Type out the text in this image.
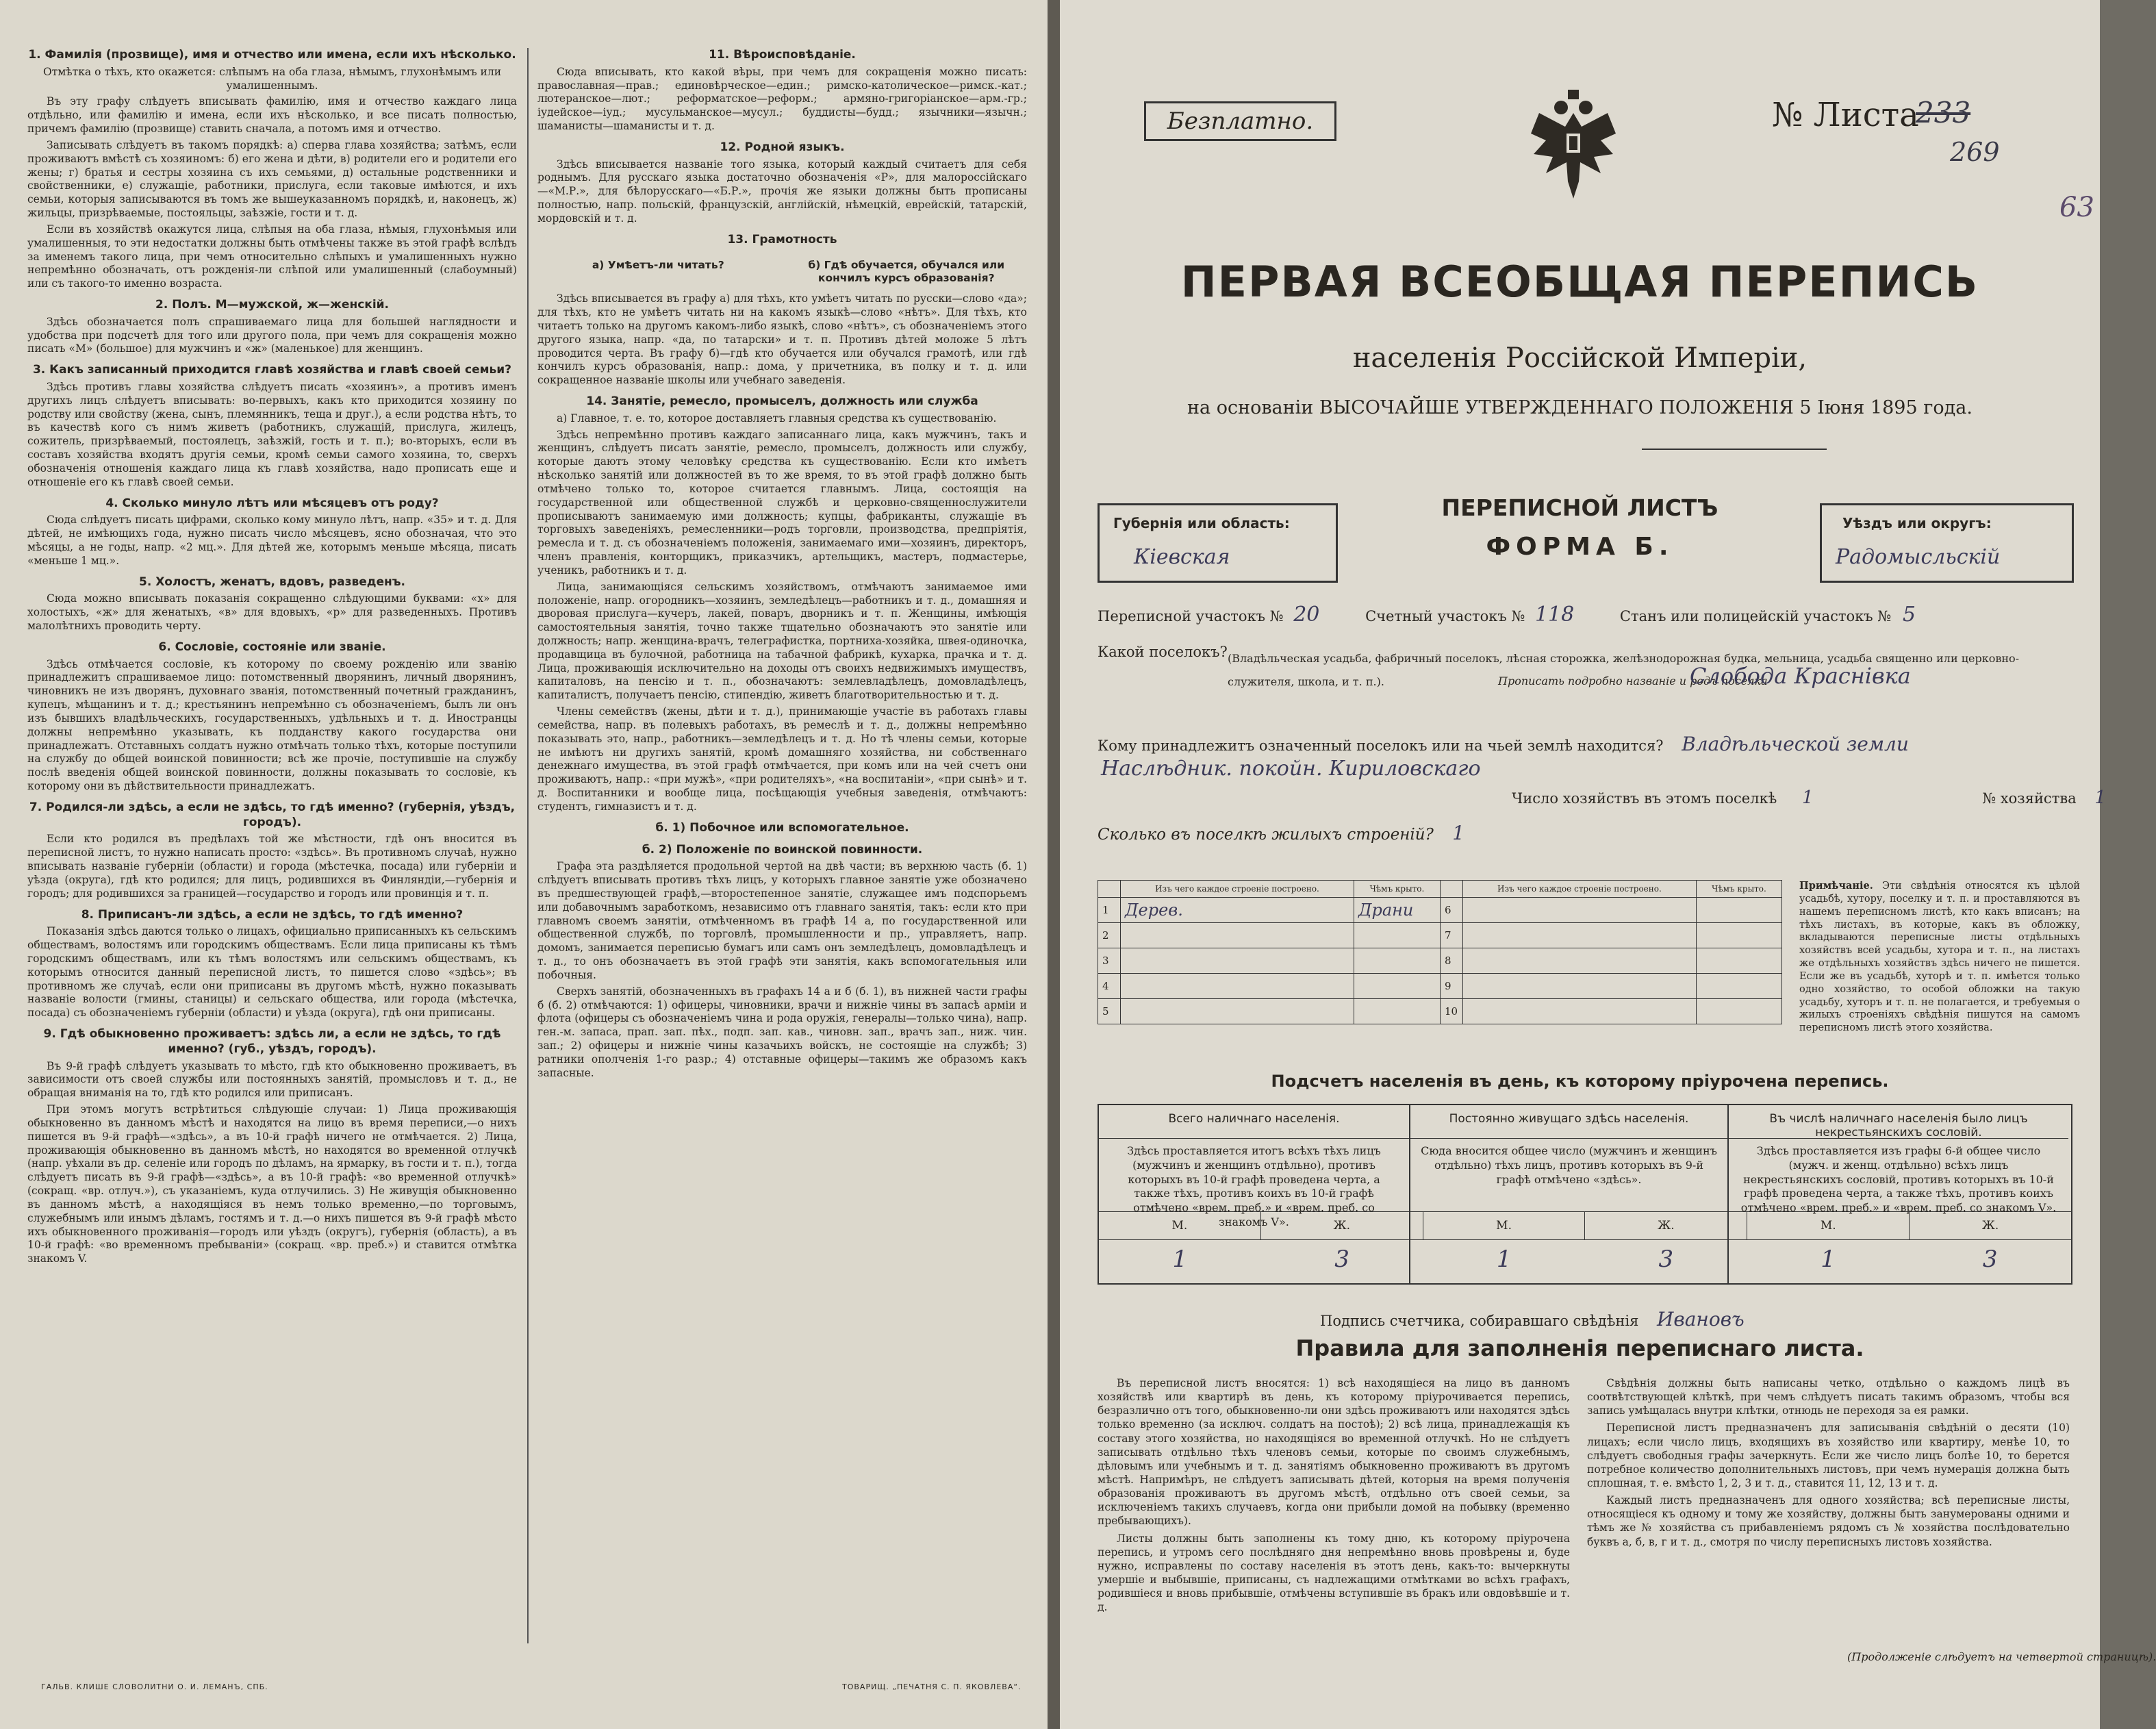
1. Фамилія (прозвище), имя и отчество или имена, если ихъ нѣсколько.
Отмѣтка о тѣхъ, кто окажется: слѣпымъ на оба глаза, нѣмымъ, глухонѣмымъ или умалишеннымъ.

Въ эту графу слѣдуетъ вписывать фамилію, имя и отчество каждаго лица отдѣльно, или фамилію и имена, если ихъ нѣсколько, и все писать полностью, причемъ фамилію (прозвище) ставить сначала, а потомъ имя и отчество.

Записывать слѣдуетъ въ такомъ порядкѣ: а) сперва глава хозяйства; затѣмъ, если проживаютъ вмѣстѣ съ хозяиномъ: б) его жена и дѣти, в) родители его и родители его жены; г) братья и сестры хозяина съ ихъ семьями, д) остальные родственники и свойственники, е) служащіе, работники, прислуга, если таковые имѣются, и ихъ семьи, которыя записываются въ томъ же вышеуказанномъ порядкѣ, и, наконецъ, ж) жильцы, призрѣваемые, постояльцы, заѣзжіе, гости и т. д.

Если въ хозяйствѣ окажутся лица, слѣпыя на оба глаза, нѣмыя, глухонѣмыя или умалишенныя, то эти недостатки должны быть отмѣчены также въ этой графѣ вслѣдъ за именемъ такого лица, при чемъ относительно слѣпыхъ и умалишенныхъ нужно непремѣнно обозначать, отъ рожденія-ли слѣпой или умалишенный (слабоумный) или съ такого-то именно возраста.

2. Полъ. М—мужской, ж—женскій.

Здѣсь обозначается полъ спрашиваемаго лица для большей наглядности и удобства при подсчетѣ для того или другого пола, при чемъ для сокращенія можно писать «М» (большое) для мужчинъ и «ж» (маленькое) для женщинъ.

3. Какъ записанный приходится главѣ хозяйства и главѣ своей семьи?

Здѣсь противъ главы хозяйства слѣдуетъ писать «хозяинъ», а противъ именъ другихъ лицъ слѣдуетъ вписывать: во-первыхъ, какъ кто приходится хозяину по родству или свойству (жена, сынъ, племянникъ, теща и друг.), а если родства нѣтъ, то въ качествѣ кого съ нимъ живетъ (работникъ, служащій, прислуга, жилецъ, сожитель, призрѣваемый, постоялецъ, заѣзжій, гость и т. п.); во-вторыхъ, если въ составъ хозяйства входятъ другія семьи, кромѣ семьи самого хозяина, то, сверхъ обозначенія отношенія каждаго лица къ главѣ хозяйства, надо прописать еще и отношеніе его къ главѣ своей семьи.

4. Сколько минуло лѣтъ или мѣсяцевъ отъ роду?

Сюда слѣдуетъ писать цифрами, сколько кому минуло лѣтъ, напр. «35» и т. д. Для дѣтей, не имѣющихъ года, нужно писать число мѣсяцевъ, ясно обозначая, что это мѣсяцы, а не годы, напр. «2 мц.». Для дѣтей же, которымъ меньше мѣсяца, писать «меньше 1 мц.».

5. Холостъ, женатъ, вдовъ, разведенъ.

Сюда можно вписывать показанія сокращенно слѣдующими буквами: «х» для холостыхъ, «ж» для женатыхъ, «в» для вдовыхъ, «р» для разведенныхъ. Противъ малолѣтнихъ проводить черту.

6. Сословіе, состояніе или званіе.

Здѣсь отмѣчается сословіе, къ которому по своему рожденію или званію принадлежитъ спрашиваемое лицо: потомственный дворянинъ, личный дворянинъ, чиновникъ не изъ дворянъ, духовнаго званія, потомственный почетный гражданинъ, купецъ, мѣщанинъ и т. д.; крестьянинъ непремѣнно съ обозначеніемъ, былъ ли онъ изъ бывшихъ владѣльческихъ, государственныхъ, удѣльныхъ и т. д. Иностранцы должны непремѣнно указывать, къ подданству какого государства они принадлежатъ. Отставныхъ солдатъ нужно отмѣчать только тѣхъ, которые поступили на службу до общей воинской повинности; всѣ же прочіе, поступившіе на службу послѣ введенія общей воинской повинности, должны показывать то сословіе, къ которому они въ дѣйствительности принадлежатъ.

7. Родился-ли здѣсь, а если не здѣсь, то гдѣ именно? (губернія, уѣздъ, городъ).

Если кто родился въ предѣлахъ той же мѣстности, гдѣ онъ вносится въ переписной листъ, то нужно написать просто: «здѣсь». Въ противномъ случаѣ, нужно вписывать названіе губерніи (области) и города (мѣстечка, посада) или губерніи и уѣзда (округа), гдѣ кто родился; для лицъ, родившихся въ Финляндіи,—губернія и городъ; для родившихся за границей—государство и городъ или провинція и т. п.

8. Приписанъ-ли здѣсь, а если не здѣсь, то гдѣ именно?

Показанія здѣсь даются только о лицахъ, официально приписанныхъ къ сельскимъ обществамъ, волостямъ или городскимъ обществамъ. Если лица приписаны къ тѣмъ городскимъ обществамъ, или къ тѣмъ волостямъ или сельскимъ обществамъ, къ которымъ относится данный переписной листъ, то пишется слово «здѣсь»; въ противномъ же случаѣ, если они приписаны въ другомъ мѣстѣ, нужно показывать названіе волости (гмины, станицы) и сельскаго общества, или города (мѣстечка, посада) съ обозначеніемъ губерніи (области) и уѣзда (округа), гдѣ они приписаны.

9. Гдѣ обыкновенно проживаетъ: здѣсь ли, а если не здѣсь, то гдѣ именно? (губ., уѣздъ, городъ).

Въ 9-й графѣ слѣдуетъ указывать то мѣсто, гдѣ кто обыкновенно проживаетъ, въ зависимости отъ своей службы или постоянныхъ занятій, промысловъ и т. д., не обращая вниманія на то, гдѣ кто родился или приписанъ.

При этомъ могутъ встрѣтиться слѣдующіе случаи: 1) Лица проживающія обыкновенно въ данномъ мѣстѣ и находятся на лицо въ время переписи,—о нихъ пишется въ 9-й графѣ—«здѣсь», а въ 10-й графѣ ничего не отмѣчается. 2) Лица, проживающія обыкновенно въ данномъ мѣстѣ, но находятся во временной отлучкѣ (напр. уѣхали въ др. селеніе или городъ по дѣламъ, на ярмарку, въ гости и т. п.), тогда слѣдуетъ писать въ 9-й графѣ—«здѣсь», а въ 10-й графѣ: «во временной отлучкѣ» (сокращ. «вр. отлуч.»), съ указаніемъ, куда отлучились. 3) Не живущія обыкновенно въ данномъ мѣстѣ, а находящіяся въ немъ только временно,—по торговымъ, служебнымъ или инымъ дѣламъ, гостямъ и т. д.—о нихъ пишется въ 9-й графѣ мѣсто ихъ обыкновенного проживанія—городъ или уѣздъ (округъ), губернія (область), а въ 10-й графѣ: «во временномъ пребываніи» (сокращ. «вр. преб.») и ставится отмѣтка знакомъ V.

11. Вѣроисповѣданіе.

Сюда вписывать, кто какой вѣры, при чемъ для сокращенія можно писать: православная—прав.; единовѣрческое—един.; римско-католическое—римск.-кат.; лютеранское—лют.; реформатское—реформ.; армяно-григоріанское—арм.-гр.; іудейское—іуд.; мусульманское—мусул.; буддисты—будд.; язычники—язычн.; шаманисты—шаманисты и т. д.

12. Родной языкъ.

Здѣсь вписывается названіе того языка, который каждый считаетъ для себя роднымъ. Для русскаго языка достаточно обозначенія «Р», для малороссійскаго—«М.Р.», для бѣлорусскаго—«Б.Р.», прочія же языки должны быть прописаны полностью, напр. польскій, французскій, англійскій, нѣмецкій, еврейскій, татарскій, мордовскій и т. д.

13. Грамотность
а) Умѣетъ-ли читать?	б) Гдѣ обучается, обучался или кончилъ курсъ образованія?

Здѣсь вписывается въ графу а) для тѣхъ, кто умѣетъ читать по русски—слово «да»; для тѣхъ, кто не умѣетъ читать ни на какомъ языкѣ—слово «нѣтъ». Для тѣхъ, кто читаетъ только на другомъ какомъ-либо языкѣ, слово «нѣтъ», съ обозначеніемъ этого другого языка, напр. «да, по татарски» и т. п. Противъ дѣтей моложе 5 лѣтъ проводится черта. Въ графу б)—гдѣ кто обучается или обучался грамотѣ, или гдѣ кончилъ курсъ образованія, напр.: дома, у причетника, въ полку и т. д. или сокращенное названіе школы или учебнаго заведенія.

14. Занятіе, ремесло, промыселъ, должность или служба

а) Главное, т. е. то, которое доставляетъ главныя средства къ существованію.

Здѣсь непремѣнно противъ каждаго записаннаго лица, какъ мужчинъ, такъ и женщинъ, слѣдуетъ писать занятіе, ремесло, промыселъ, должность или службу, которые даютъ этому человѣку средства къ существованію. Если кто имѣетъ нѣсколько занятій или должностей въ то же время, то въ этой графѣ должно быть отмѣчено только то, которое считается главнымъ. Лица, состоящія на государственной или общественной службѣ и церковно-священнослужители прописываютъ занимаемую ими должность; купцы, фабриканты, служащіе въ торговыхъ заведеніяхъ, ремесленники—родъ торговли, производства, предпріятія, ремесла и т. д. съ обозначеніемъ положенія, занимаемаго ими—хозяинъ, директоръ, членъ правленія, конторщикъ, приказчикъ, артельщикъ, мастеръ, подмастерье, ученикъ, работникъ и т. д.

Лица, занимающіяся сельскимъ хозяйствомъ, отмѣчаютъ занимаемое ими положеніе, напр. огородникъ—хозяинъ, земледѣлецъ—работникъ и т. д., домашняя и дворовая прислуга—кучеръ, лакей, поваръ, дворникъ и т. п. Женщины, имѣющія самостоятельныя занятія, точно также тщательно обозначаютъ это занятіе или должность; напр. женщина-врачъ, телеграфистка, портниха-хозяйка, швея-одиночка, продавщица въ булочной, работница на табачной фабрикѣ, кухарка, прачка и т. д. Лица, проживающія исключительно на доходы отъ своихъ недвижимыхъ имуществъ, капиталовъ, на пенсію и т. п., обозначаютъ: землевладѣлецъ, домовладѣлецъ, капиталистъ, получаетъ пенсію, стипендію, живетъ благотворительностью и т. д.

Члены семействъ (жены, дѣти и т. д.), принимающіе участіе въ работахъ главы семейства, напр. въ полевыхъ работахъ, въ ремеслѣ и т. д., должны непремѣнно показывать это, напр., работникъ—земледѣлецъ и т. д. Но тѣ члены семьи, которые не имѣютъ ни другихъ занятій, кромѣ домашняго хозяйства, ни собственнаго денежнаго имущества, въ этой графѣ отмѣчается, при комъ или на чей счетъ они проживаютъ, напр.: «при мужѣ», «при родителяхъ», «на воспитаніи», «при сынѣ» и т. д. Воспитанники и вообще лица, посѣщающія учебныя заведенія, отмѣчаютъ: студентъ, гимназистъ и т. д.

б. 1) Побочное или вспомогательное.
б. 2) Положеніе по воинской повинности.

Графа эта раздѣляется продольной чертой на двѣ части; въ верхнюю часть (б. 1) слѣдуетъ вписывать противъ тѣхъ лицъ, у которыхъ главное занятіе уже обозначено въ предшествующей графѣ,—второстепенное занятіе, служащее имъ подспорьемъ или добавочнымъ заработкомъ, независимо отъ главнаго занятія, такъ: если кто при главномъ своемъ занятіи, отмѣченномъ въ графѣ 14 а, по государственной или общественной службѣ, по торговлѣ, промышленности и пр., управляетъ, напр. домомъ, занимается переписью бумагъ или самъ онъ земледѣлецъ, домовладѣлецъ и т. д., то онъ обозначаетъ въ этой графѣ эти занятія, какъ вспомогательныя или побочныя.

Сверхъ занятій, обозначенныхъ въ графахъ 14 а и б (б. 1), въ нижней части графы б (б. 2) отмѣчаются: 1) офицеры, чиновники, врачи и нижніе чины въ запасѣ армiи и флота (офицеры съ обозначеніемъ чина и рода оружія, генералы—только чина), напр. ген.-м. запаса, прап. зап. пѣх., подп. зап. кав., чиновн. зап., врачъ зап., ниж. чин. зап.; 2) офицеры и нижніе чины казачьихъ войскъ, не состоящіе на службѣ; 3) ратники ополченія 1-го разр.; 4) отставные офицеры—такимъ же образомъ какъ запасные.

ГАЛЬВ. КЛИШЕ СЛОВОЛИТНИ О. И. ЛЕМАНЪ, СПБ.	ТОВАРИЩ. „ПЕЧАТНЯ С. П. ЯКОВЛЕВА“.
Безплатно.	№ Листа
233
269
63
ПЕРВАЯ ВСЕОБЩАЯ ПЕРЕПИСЬ
населенія Россійской Имперіи,
на основаніи ВЫСОЧАЙШЕ УТВЕРЖДЕННАГО ПОЛОЖЕНІЯ 5 Іюня 1895 года.
Губернія или область:
Кіевская
ПЕРЕПИСНОЙ ЛИСТЪ
ФОРМА Б.
Уѣздъ или округъ:
Радомысльскій
Переписной участокъ № 20	Счетный участокъ № 118	Станъ или полицейскій участокъ № 5
Какой поселокъ? (Владѣльческая усадьба, фабричный поселокъ, лѣсная сторожка, желѣзнодорожная будка, мельница, усадьба священно или церковно-служителя, школа, и т. п.).	Прописать подробно названіе и родъ поселка
Слобода Краснівка
Кому принадлежитъ означенный поселокъ или на чьей землѣ находится? Владѣльческой земли
Наслѣдник. покойн. Кириловскаго
Число хозяйствъ въ этомъ поселкѣ 1	№ хозяйства 1
Сколько въ поселкѣ жилыхъ строеній? 1
	Изъ чего каждое строеніе построено.	Чѣмъ крыто.		Изъ чего каждое строеніе построено.	Чѣмъ крыто.
1	Дерев.	Драни	6		
2			7		
3			8		
4			9		
5			10		
Примѣчаніе. Эти свѣдѣнія относятся къ цѣлой усадьбѣ, хутору, поселку и т. п. и проставляются въ нашемъ переписномъ листѣ, кто какъ вписанъ; на тѣхъ листахъ, въ которые, какъ въ обложку, вкладываются переписные листы отдѣльныхъ хозяйствъ всей усадьбы, хутора и т. п., на листахъ же отдѣльныхъ хозяйствъ здѣсь ничего не пишется. Если же въ усадьбѣ, хуторѣ и т. п. имѣется только одно хозяйство, то особой обложки на такую усадьбу, хуторъ и т. п. не полагается, и требуемыя о жилыхъ строеніяхъ свѣдѣнія пишутся на самомъ переписномъ листѣ этого хозяйства.
Подсчетъ населенія въ день, къ которому пріурочена перепись.
Въ числѣ наличнаго населенія было лицъ некрестьянскихъ сословій.
Здѣсь проставляется изъ графы 6-й общее число (мужч. и женщ. отдѣльно) всѣхъ лицъ некрестьянскихъ сословій, противъ которыхъ въ 10-й графѣ проведена черта, а также тѣхъ, противъ коихъ отмѣчено «врем. преб.» и «врем. преб. со знакомъ V».
Постоянно живущаго здѣсь населенія.
Сюда вносится общее число (мужчинъ и женщинъ отдѣльно) тѣхъ лицъ, противъ которыхъ въ 9-й графѣ отмѣчено «здѣсь».
Всего наличнаго населенія.
Здѣсь проставляется итогъ всѣхъ тѣхъ лицъ (мужчинъ и женщинъ отдѣльно), противъ которыхъ въ 10-й графѣ проведена черта, а также тѣхъ, противъ коихъ въ 10-й графѣ отмѣчено «врем. преб.» и «врем. преб. со знакомъ V».
М.	Ж.	М.	Ж.	М.	Ж.
1	3	1	3	1	3
Подпись счетчика, собиравшаго свѣдѣнія Ивановъ
Правила для заполненія переписнаго листа.

Въ переписной листъ вносятся: 1) всѣ находящіеся на лицо въ данномъ хозяйствѣ или квартирѣ въ день, къ которому пріурочивается перепись, безразлично отъ того, обыкновенно-ли они здѣсь проживаютъ или находятся здѣсь только временно (за исключ. солдатъ на постоѣ); 2) всѣ лица, принадлежащія къ составу этого хозяйства, но находящіяся во временной отлучкѣ. Но не слѣдуетъ записывать отдѣльно тѣхъ членовъ семьи, которые по своимъ служебнымъ, дѣловымъ или учебнымъ и т. д. занятіямъ обыкновенно проживаютъ въ другомъ мѣстѣ. Напримѣръ, не слѣдуетъ записывать дѣтей, которыя на время полученія образованія проживаютъ въ другомъ мѣстѣ, отдѣльно отъ своей семьи, за исключеніемъ такихъ случаевъ, когда они прибыли домой на побывку (временно пребывающихъ).

Листы должны быть заполнены къ тому дню, къ которому пріурочена перепись, и утромъ сего послѣдняго дня непремѣнно вновь провѣрены и, буде нужно, исправлены по составу населенія въ этотъ день, какъ-то: вычеркнуты умершіе и выбывшіе, приписаны, съ надлежащими отмѣтками во всѣхъ графахъ, родившіеся и вновь прибывшіе, отмѣчены вступившіе въ бракъ или овдовѣвшіе и т. д.

Свѣдѣнія должны быть написаны четко, отдѣльно о каждомъ лицѣ въ соотвѣтствующей клѣткѣ, при чемъ слѣдуетъ писать такимъ образомъ, чтобы вся запись умѣщалась внутри клѣтки, отнюдь не переходя за ея рамки.

Переписной листъ предназначенъ для записыванія свѣдѣній о десяти (10) лицахъ; если число лицъ, входящихъ въ хозяйство или квартиру, менѣе 10, то слѣдуетъ свободныя графы зачеркнуть. Если же число лицъ болѣе 10, то берется потребное количество дополнительныхъ листовъ, при чемъ нумерація должна быть сплошная, т. е. вмѣсто 1, 2, 3 и т. д., ставится 11, 12, 13 и т. д.

Каждый листъ предназначенъ для одного хозяйства; всѣ переписные листы, относящіеся къ одному и тому же хозяйству, должны быть занумерованы одними и тѣмъ же № хозяйства съ прибавленіемъ рядомъ съ № хозяйства послѣдовательно буквъ а, б, в, г и т. д., смотря по числу переписныхъ листовъ хозяйства.

(Продолженіе слѣдуетъ на четвертой страницѣ).
